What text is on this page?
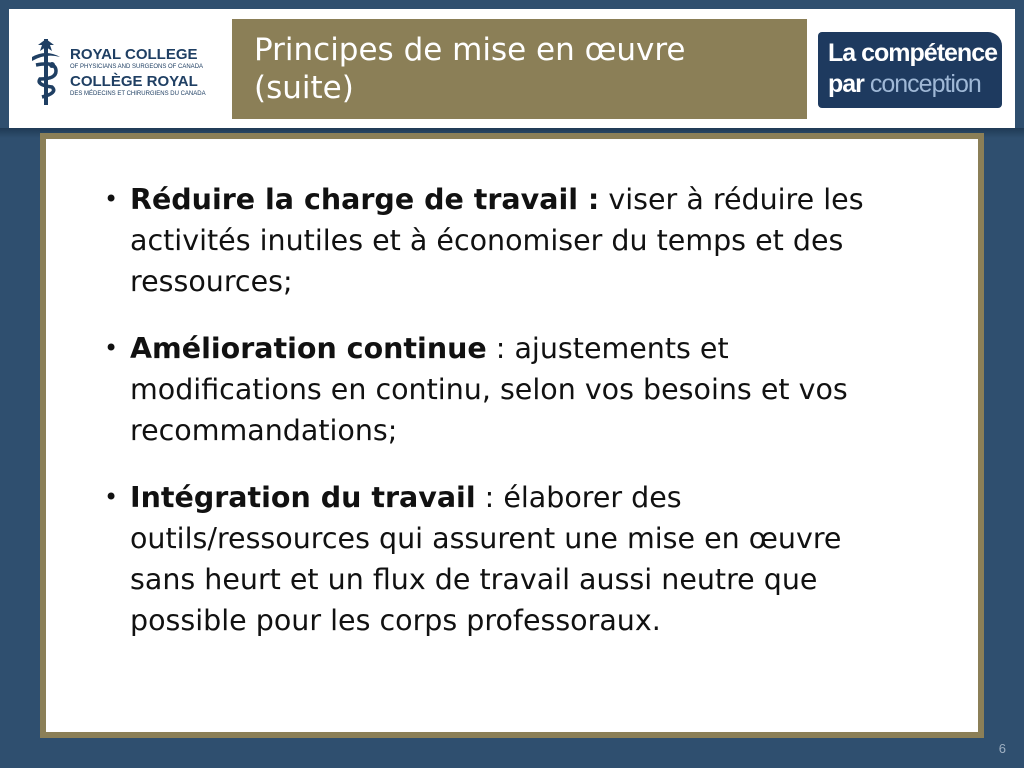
ROYAL COLLEGE
OF PHYSICIANS AND SURGEONS OF CANADA
COLLÈGE ROYAL
DES MÉDECINS ET CHIRURGIENS DU CANADA
Principes de mise en œuvre (suite)
La compétence
par conception
• Réduire la charge de travail : viser à réduire les activités inutiles et à économiser du temps et des ressources;
• Amélioration continue : ajustements et modifications en continu, selon vos besoins et vos recommandations;
• Intégration du travail : élaborer des outils/ressources qui assurent une mise en œuvre sans heurt et un flux de travail aussi neutre que possible pour les corps professoraux.
6
